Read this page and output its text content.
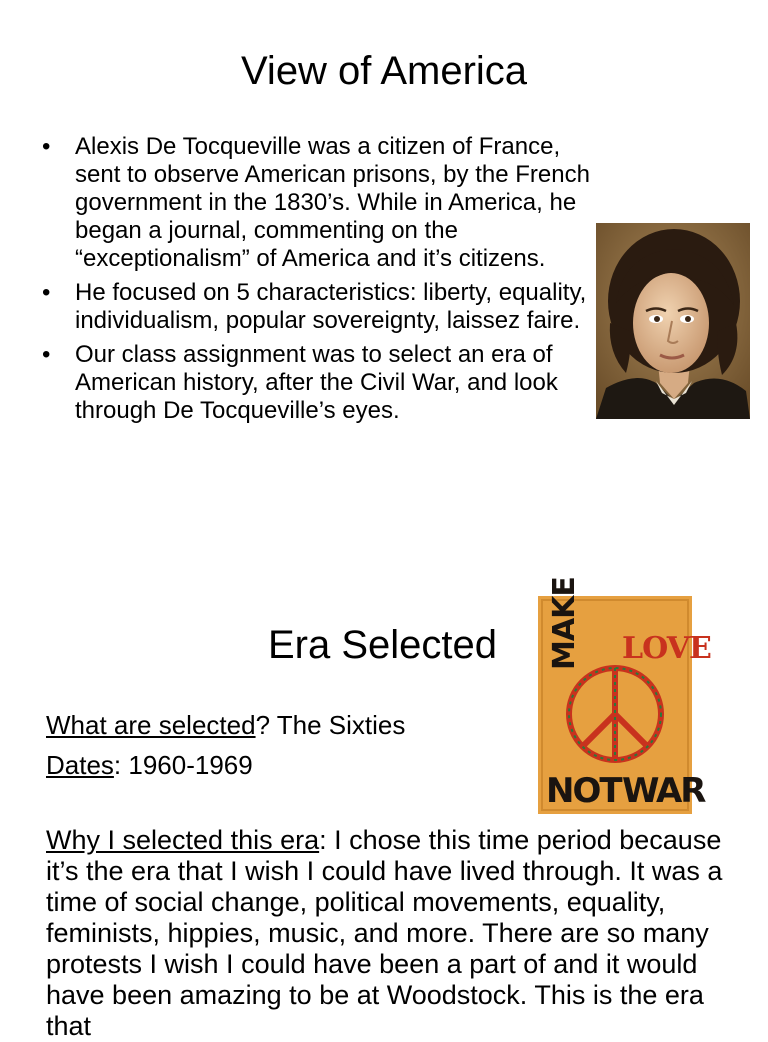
View of America
• Alexis De Tocqueville was a citizen of France, sent to observe American prisons, by the French government in the 1830’s. While in America, he began a journal, commenting on the “exceptionalism” of America and it’s citizens.
• He focused on 5 characteristics: liberty, equality, individualism, popular sovereignty, laissez faire.
• Our class assignment was to select an era of American history, after the Civil War, and look through De Tocqueville’s eyes.
Era Selected MAKE LOVE
NOT WAR

What are selected? The Sixties

Dates: 1960-1969

Why I selected this era: I chose this time period because it’s the era that I wish I could have lived through. It was a time of social change, political movements, equality, feminists, hippies, music, and more. There are so many protests I wish I could have been a part of and it would have been amazing to be at Woodstock. This is the era that
